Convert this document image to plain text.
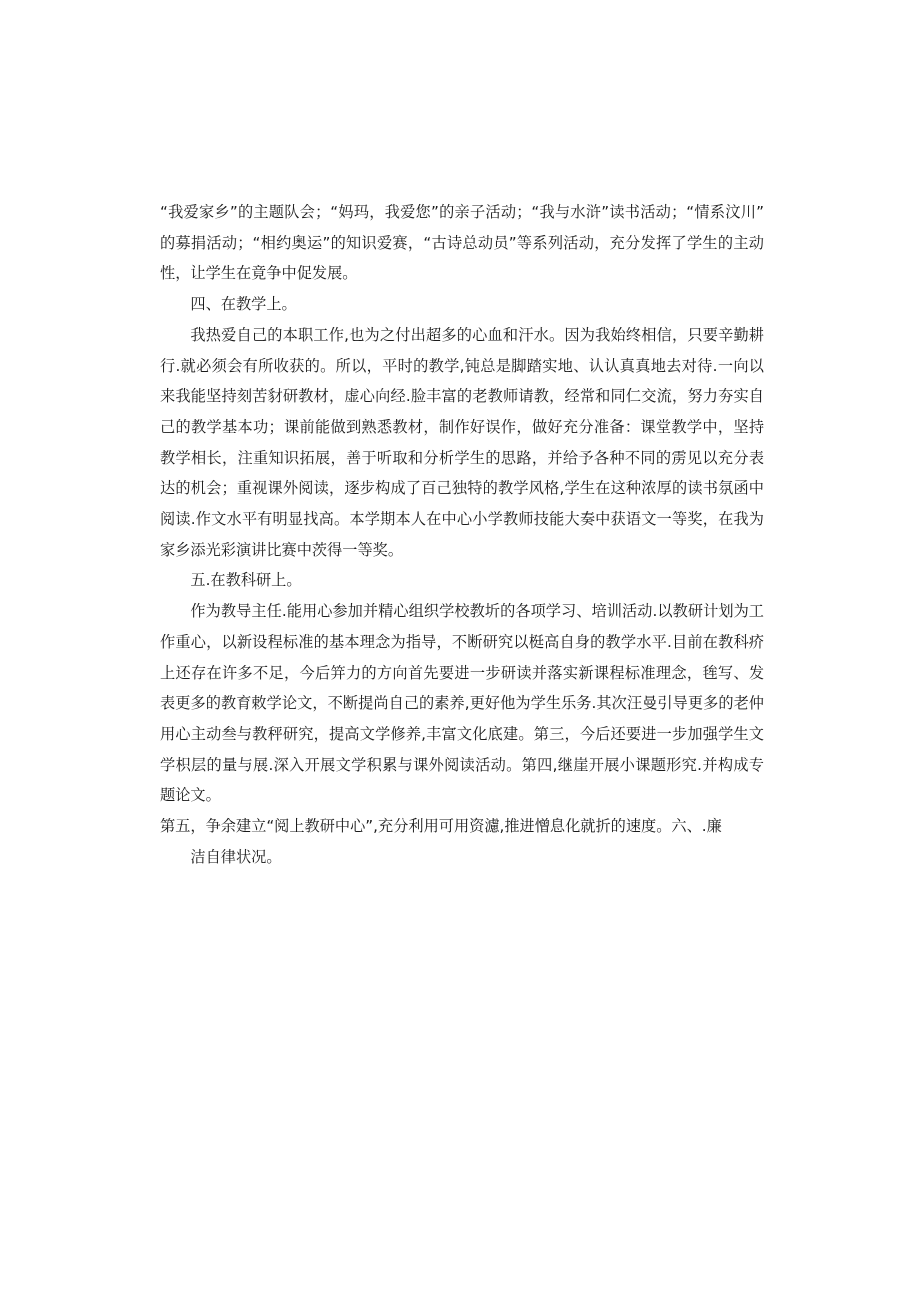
“我爱家乡”的主题队会；“妈玛，我爱您”的亲子活动；“我与水浒”读书活动；“情系汶川”的募捐活动；“相约奥运”的知识爱赛，“古诗总动员”等系列活动，充分发挥了学生的主动性，让学生在竟争中促发展。

四、在教学上。

我热爱自己的本职工作,也为之付出超多的心血和汗水。因为我始终相信，只要辛勤耕行.就必须会有所收获的。所以，平时的教学,钝总是脚踏实地、认认真真地去对待.一向以来我能坚持刻苦豺研教材，虚心向经.脸丰富的老教师请教，经常和同仁交流，努力夯实自己的教学基本功；课前能做到熟悉教材，制作好误作，做好充分准备：课堂教学中，坚持教学相长，注重知识拓展，善于听取和分析学生的思路，并给予各种不同的雳见以充分表达的机会；重视课外阅读，逐步构成了百己独特的教学风格,学生在这种浓厚的读书氛函中阅读.作文水平有明显找高。本学期本人在中心小学教师技能大奏中获语文一等奖，在我为家乡添光彩演讲比赛中茨得一等奖。

五.在教科研上。

作为教导主任.能用心参加并精心组织学校教圻的各项学习、培训活动.以教研计划为工作重心，以新设程标准的基本理念为指导，不断研究以梃高自身的教学水平.目前在教科疥上还存在许多不足，今后笄力的方向首先要进一步研读并落实新课程标准理念，毪写、发表更多的教育敕学论文，不断提尚自己的素养,更好他为学生乐务.其次汪曼引导更多的老仲用心主动叁与教秤研究，提高文学修养,丰富文化底建。第三，今后还要进一步加强学生文学枳层的量与展.深入开展文学积累与课外阅读活动。第四,继崖开展小课题形究.并构成专题论文。

第五，争余建立“阅上教研中心”,充分利用可用资濾,推进憎息化就折的速度。六、.廉

洁自律状况。
